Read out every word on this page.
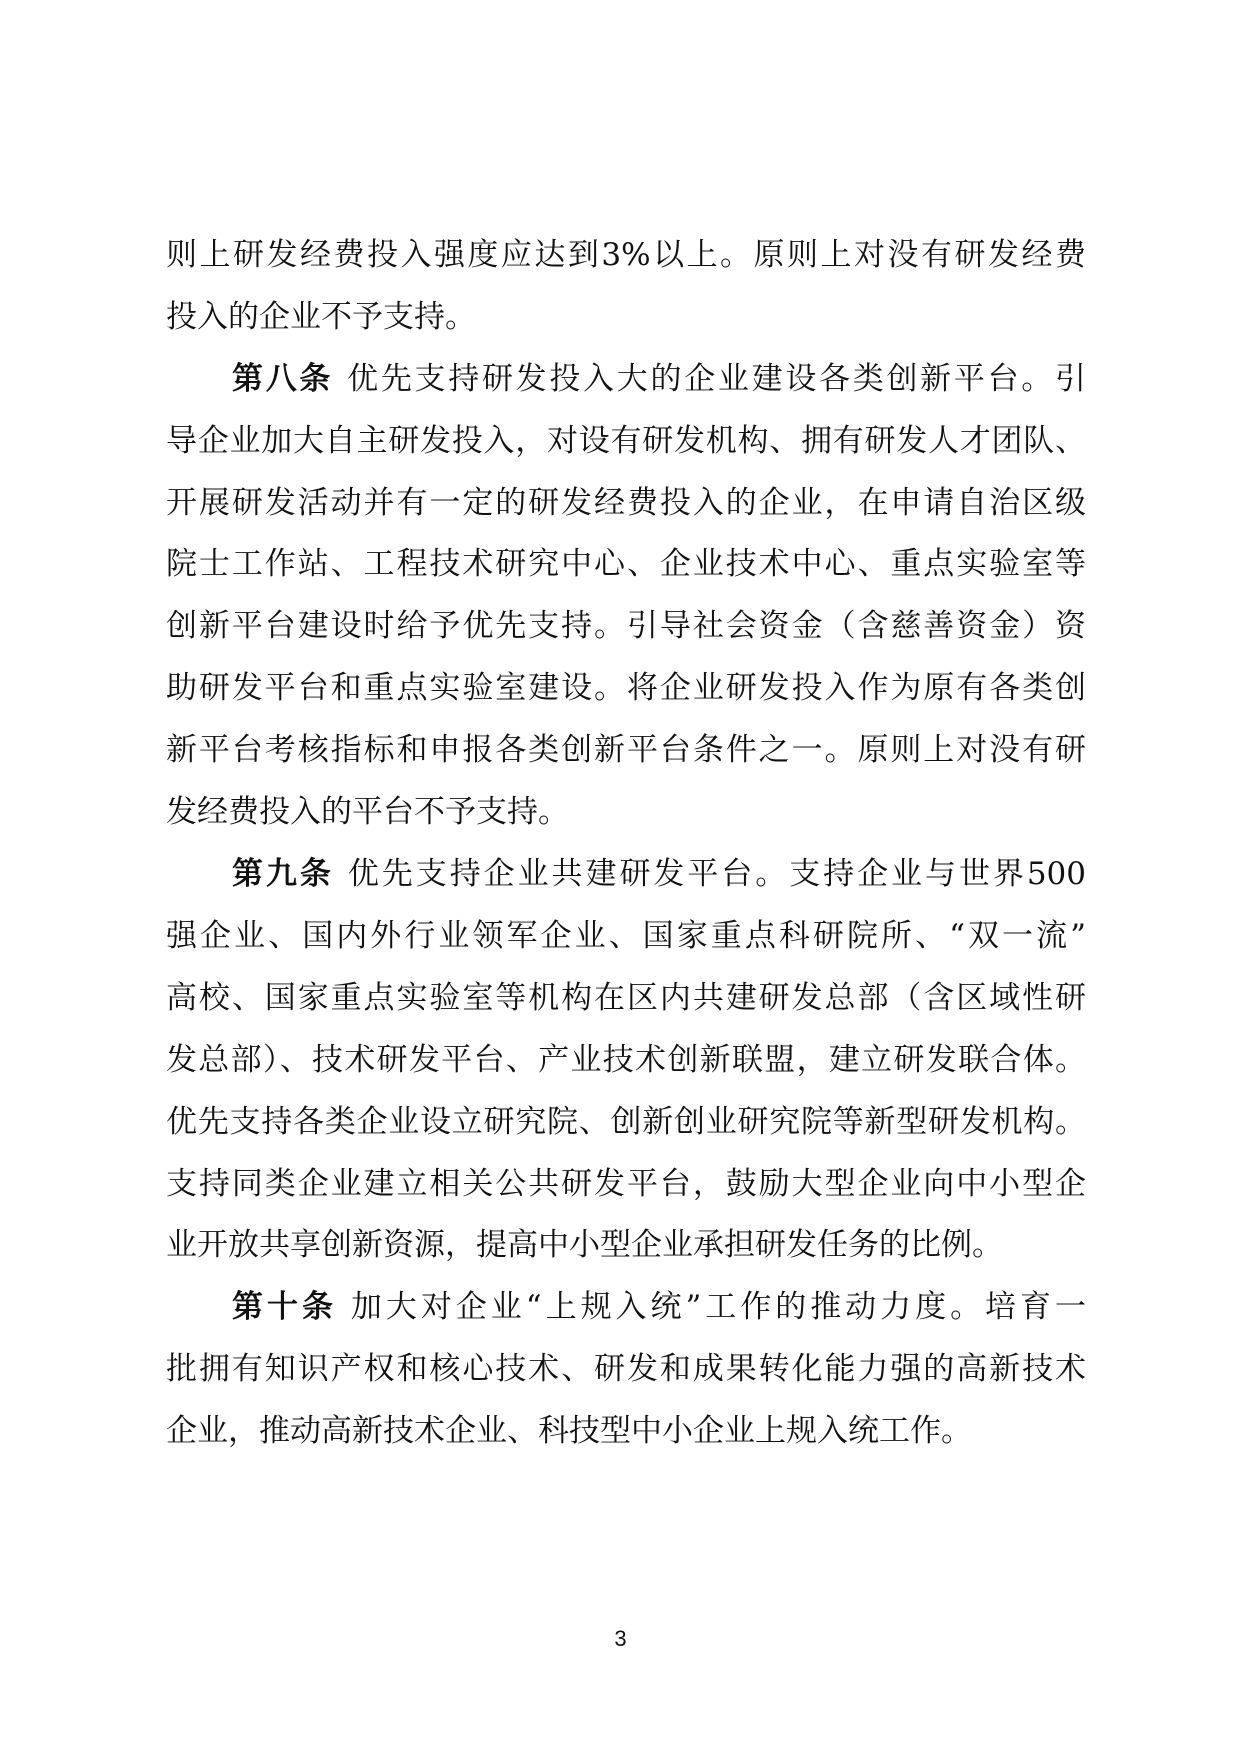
则上研发经费投入强度应达到3%以上。原则上对没有研发经费
投入的企业不予支持。
第八条 优先支持研发投入大的企业建设各类创新平台。引
导企业加大自主研发投入，对设有研发机构、拥有研发人才团队、
开展研发活动并有一定的研发经费投入的企业，在申请自治区级
院士工作站、工程技术研究中心、企业技术中心、重点实验室等
创新平台建设时给予优先支持。引导社会资金（含慈善资金）资
助研发平台和重点实验室建设。将企业研发投入作为原有各类创
新平台考核指标和申报各类创新平台条件之一。原则上对没有研
发经费投入的平台不予支持。
第九条 优先支持企业共建研发平台。支持企业与世界500
强企业、国内外行业领军企业、国家重点科研院所、“双一流”
高校、国家重点实验室等机构在区内共建研发总部（含区域性研
发总部）、技术研发平台、产业技术创新联盟，建立研发联合体。
优先支持各类企业设立研究院、创新创业研究院等新型研发机构。
支持同类企业建立相关公共研发平台，鼓励大型企业向中小型企
业开放共享创新资源，提高中小型企业承担研发任务的比例。
第十条 加大对企业“上规入统”工作的推动力度。培育一
批拥有知识产权和核心技术、研发和成果转化能力强的高新技术
企业，推动高新技术企业、科技型中小企业上规入统工作。
3
